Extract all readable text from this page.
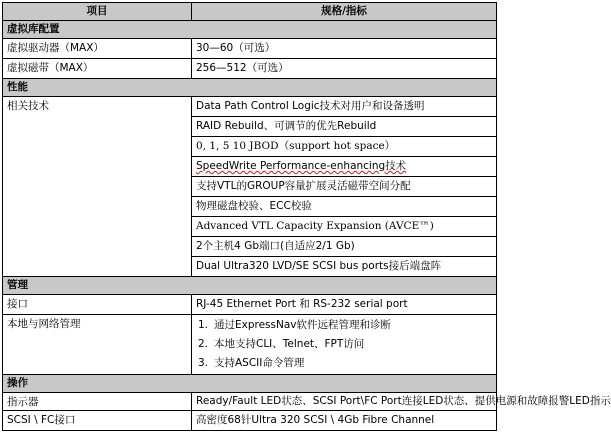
项目	规格/指标
虚拟库配置	
虚拟驱动器（MAX）	30—60（可选）
虚拟磁带（MAX）	256—512（可选）
性能	
相关技术	Data Path Control Logic技术对用户和设备透明
	RAID Rebuild、可调节的优先Rebuild
	0, 1, 5 10 JBOD（support hot space）
	SpeedWrite Performance-enhancing技术
	支持VTL的GROUP容量扩展灵活磁带空间分配
	物理磁盘校验、ECC校验
	Advanced VTL Capacity Expansion (AVCE™)
	2个主机4 Gb端口(自适应2/1 Gb)
	Dual Ultra320 LVD/SE SCSI bus ports接后端盘阵
管理	
接口	RJ-45 Ethernet Port 和 RS-232 serial port
本地与网络管理	1. 通过ExpressNav软件远程管理和诊断
2. 本地支持CLI、Telnet、FPT访问
3. 支持ASCII命令管理

操作	
指示器	Ready/Fault LED状态、SCSI Port\FC Port连接LED状态、提供电源和故障报警LED指示
SCSI \ FC接口	高密度68针Ultra 320 SCSI \ 4Gb Fibre Channel
